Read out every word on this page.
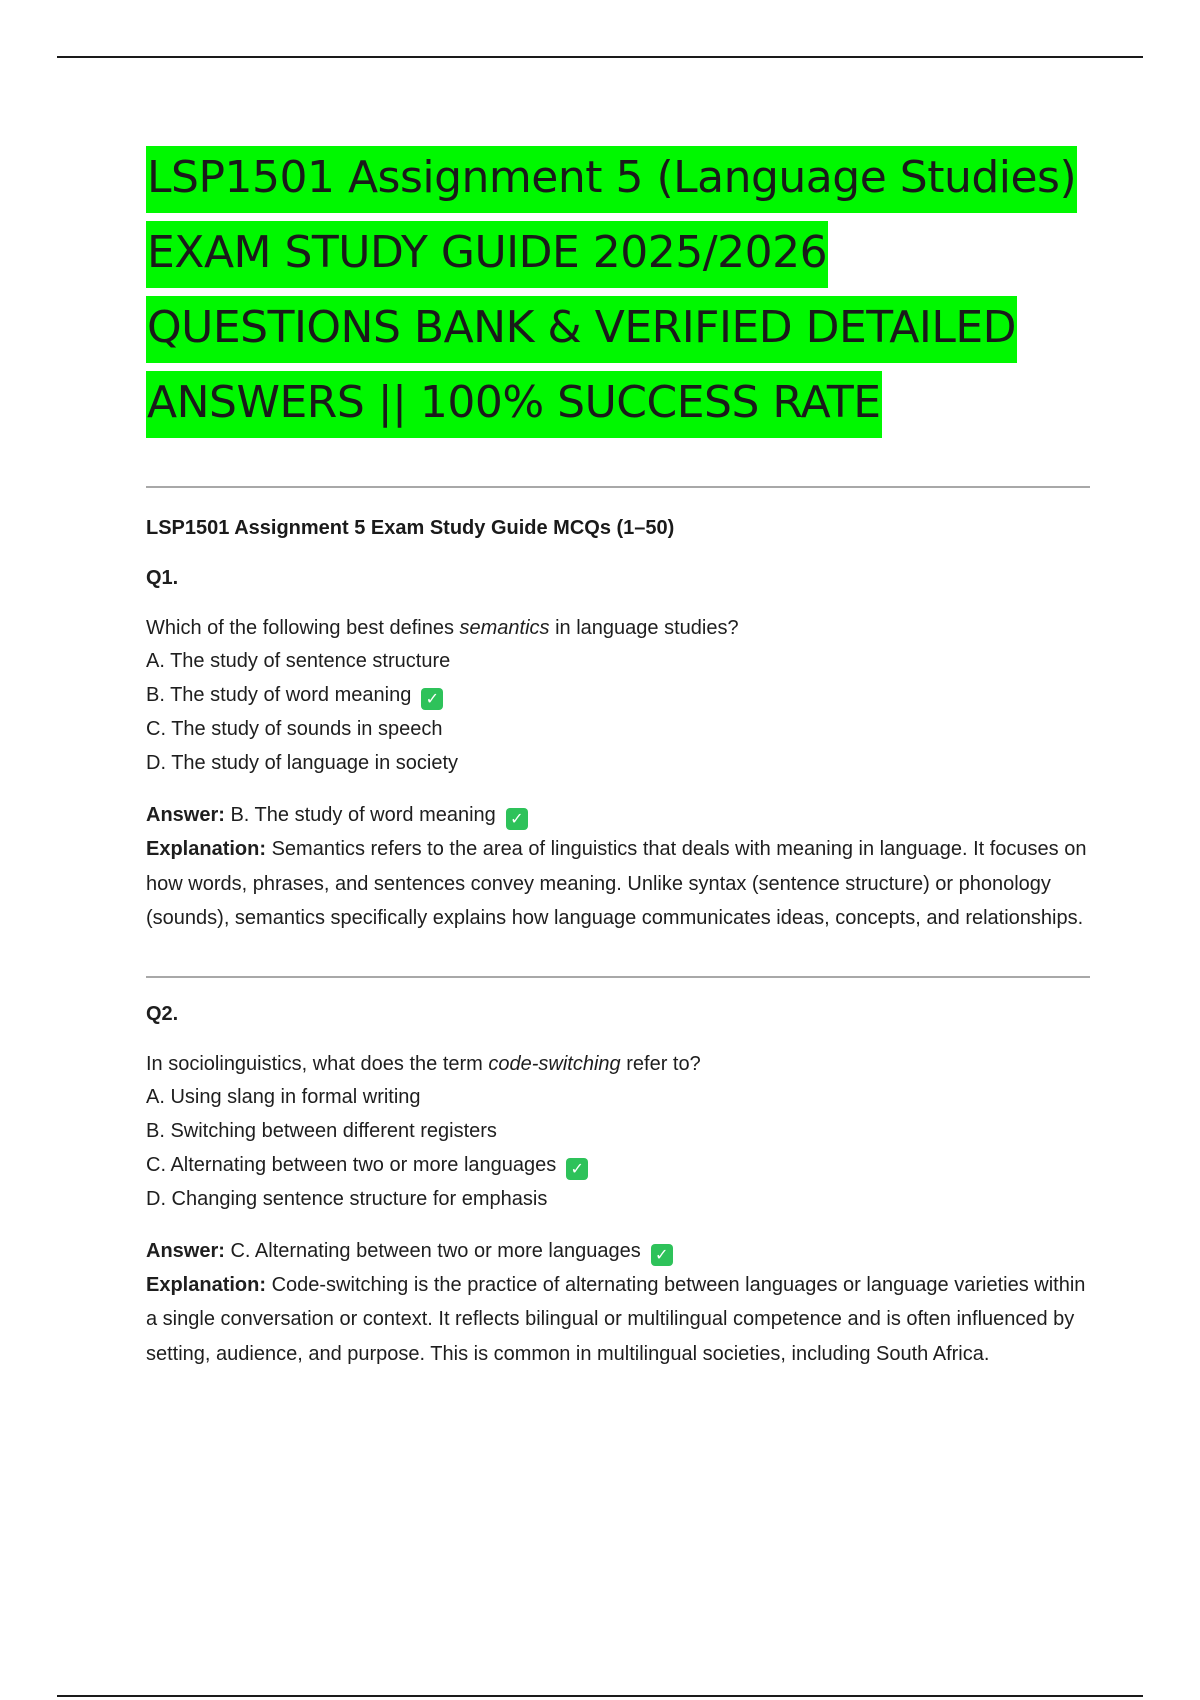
LSP1501 Assignment 5 (Language Studies) EXAM STUDY GUIDE 2025/2026 QUESTIONS BANK & VERIFIED DETAILED ANSWERS || 100% SUCCESS RATE

LSP1501 Assignment 5 Exam Study Guide MCQs (1–50)

Q1.

Which of the following best defines semantics in language studies?

A. The study of sentence structure

B. The study of word meaning ✓

C. The study of sounds in speech

D. The study of language in society

Answer: B. The study of word meaning ✓

Explanation: Semantics refers to the area of linguistics that deals with meaning in language. It focuses on how words, phrases, and sentences convey meaning. Unlike syntax (sentence structure) or phonology (sounds), semantics specifically explains how language communicates ideas, concepts, and relationships.

Q2.

In sociolinguistics, what does the term code-switching refer to?

A. Using slang in formal writing

B. Switching between different registers

C. Alternating between two or more languages ✓

D. Changing sentence structure for emphasis

Answer: C. Alternating between two or more languages ✓

Explanation: Code-switching is the practice of alternating between languages or language varieties within a single conversation or context. It reflects bilingual or multilingual competence and is often influenced by setting, audience, and purpose. This is common in multilingual societies, including South Africa.
